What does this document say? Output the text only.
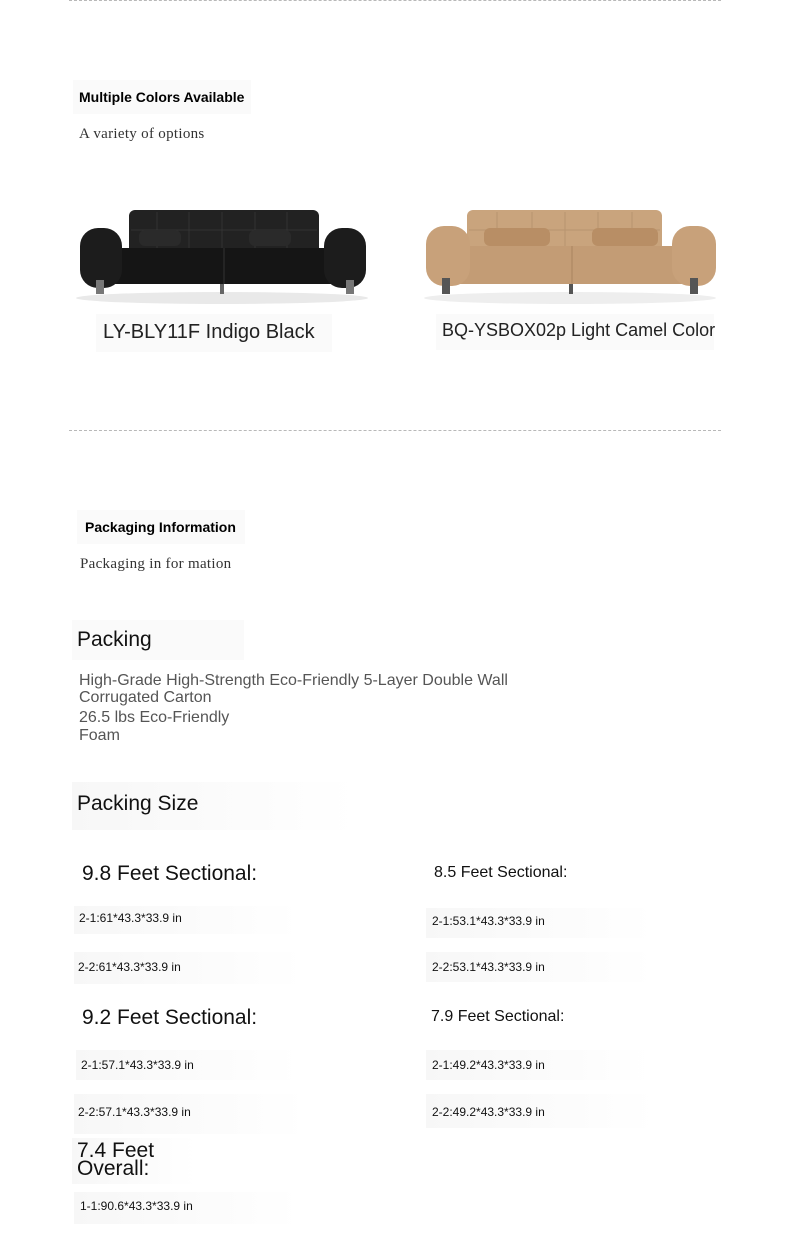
Multiple Colors Available
A variety of options
LY-BLY11F Indigo Black	BQ-YSBOX02p Light Camel Color
Packaging Information
Packaging in for mation
Packing
High-Grade High-Strength Eco-Friendly 5-Layer Double Wall
Corrugated Carton
26.5 lbs Eco-Friendly
Foam
Packing Size
9.8 Feet Sectional:
2-1:61*43.3*33.9 in
2-2:61*43.3*33.9 in
8.5 Feet Sectional:
2-1:53.1*43.3*33.9 in
2-2:53.1*43.3*33.9 in
9.2 Feet Sectional:
2-1:57.1*43.3*33.9 in
2-2:57.1*43.3*33.9 in
7.9 Feet Sectional:
2-1:49.2*43.3*33.9 in
2-2:49.2*43.3*33.9 in
7.4 Feet
Overall:
1-1:90.6*43.3*33.9 in
